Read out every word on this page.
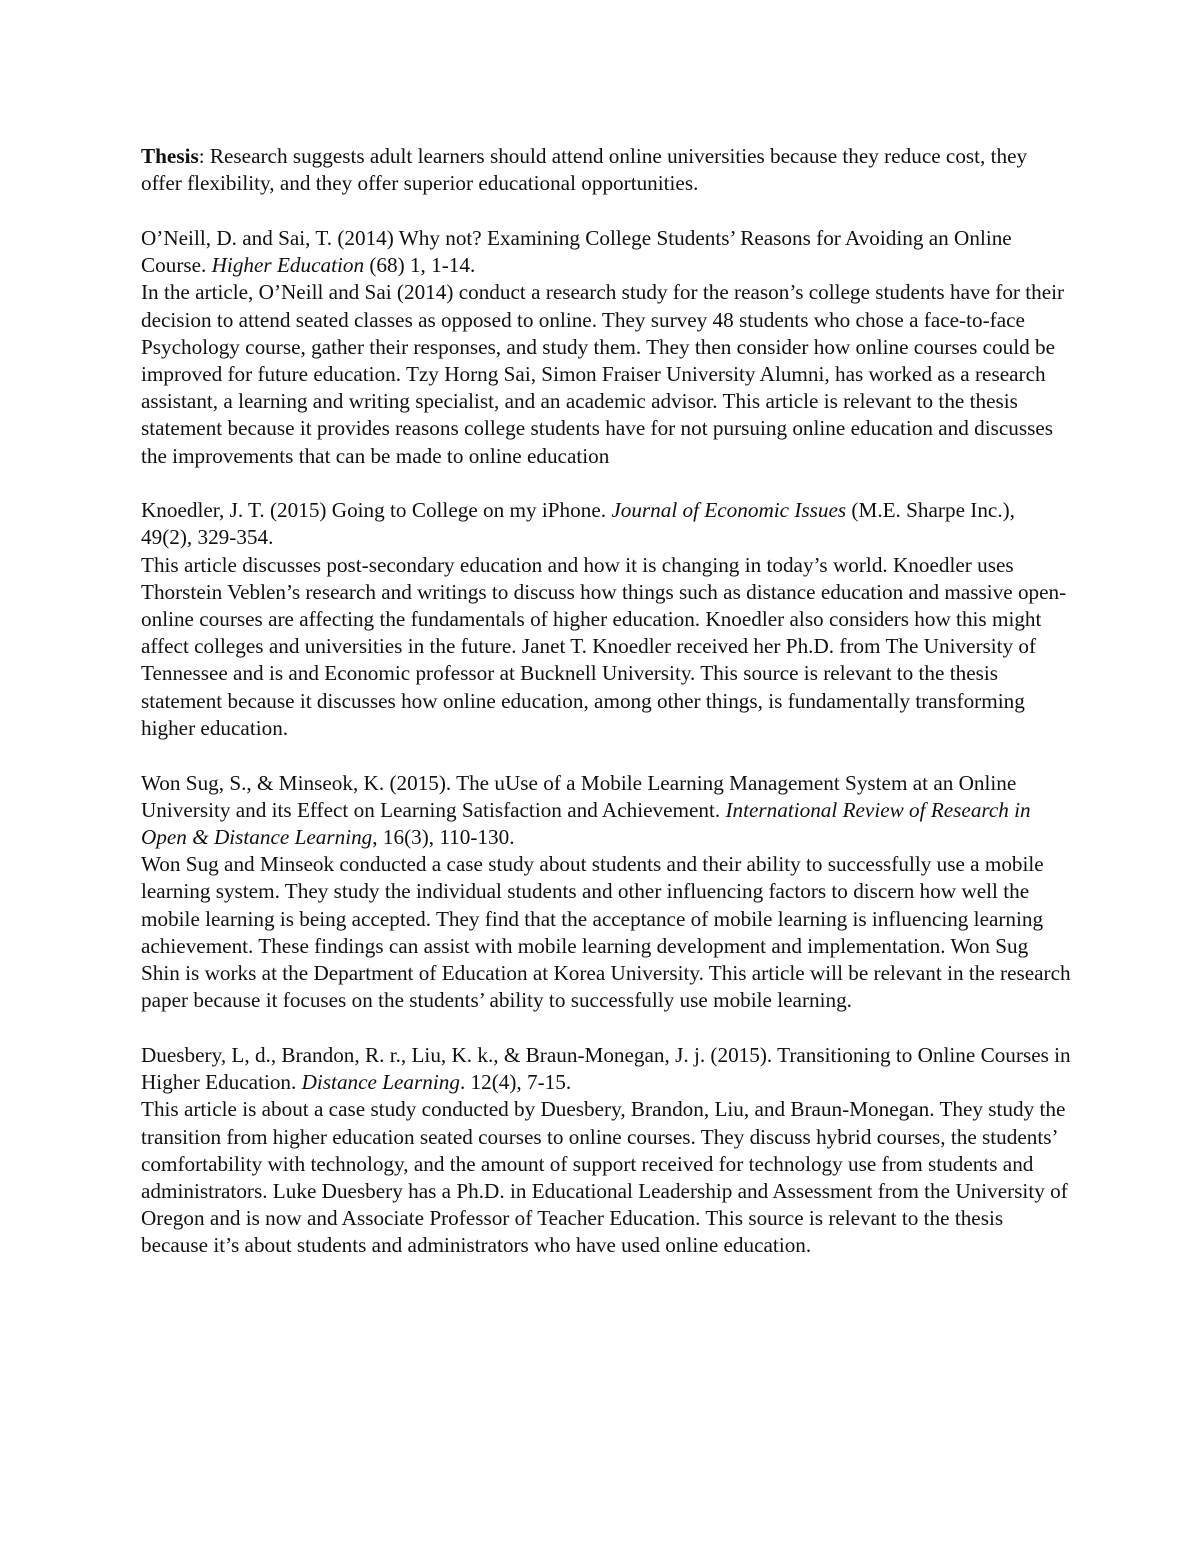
Thesis: Research suggests adult learners should attend online universities because they reduce cost, they offer flexibility, and they offer superior educational opportunities.

O’Neill, D. and Sai, T. (2014) Why not? Examining College Students’ Reasons for Avoiding an Online Course. Higher Education (68) 1, 1-14.

In the article, O’Neill and Sai (2014) conduct a research study for the reason’s college students have for their decision to attend seated classes as opposed to online. They survey 48 students who chose a face-to-face Psychology course, gather their responses, and study them. They then consider how online courses could be improved for future education. Tzy Horng Sai, Simon Fraiser University Alumni, has worked as a research assistant, a learning and writing specialist, and an academic advisor. This article is relevant to the thesis statement because it provides reasons college students have for not pursuing online education and discusses the improvements that can be made to online education

Knoedler, J. T. (2015) Going to College on my iPhone. Journal of Economic Issues (M.E. Sharpe Inc.), 49(2), 329-354.

This article discusses post-secondary education and how it is changing in today’s world. Knoedler uses Thorstein Veblen’s research and writings to discuss how things such as distance education and massive open-online courses are affecting the fundamentals of higher education. Knoedler also considers how this might affect colleges and universities in the future. Janet T. Knoedler received her Ph.D. from The University of Tennessee and is and Economic professor at Bucknell University. This source is relevant to the thesis statement because it discusses how online education, among other things, is fundamentally transforming higher education.

Won Sug, S., & Minseok, K. (2015). The uUse of a Mobile Learning Management System at an Online University and its Effect on Learning Satisfaction and Achievement. International Review of Research in Open & Distance Learning, 16(3), 110-130.

Won Sug and Minseok conducted a case study about students and their ability to successfully use a mobile learning system. They study the individual students and other influencing factors to discern how well the mobile learning is being accepted. They find that the acceptance of mobile learning is influencing learning achievement. These findings can assist with mobile learning development and implementation. Won Sug Shin is works at the Department of Education at Korea University. This article will be relevant in the research paper because it focuses on the students’ ability to successfully use mobile learning.

Duesbery, L, d., Brandon, R. r., Liu, K. k., & Braun-Monegan, J. j. (2015). Transitioning to Online Courses in Higher Education. Distance Learning. 12(4), 7-15.

This article is about a case study conducted by Duesbery, Brandon, Liu, and Braun-Monegan. They study the transition from higher education seated courses to online courses. They discuss hybrid courses, the students’ comfortability with technology, and the amount of support received for technology use from students and administrators. Luke Duesbery has a Ph.D. in Educational Leadership and Assessment from the University of Oregon and is now and Associate Professor of Teacher Education. This source is relevant to the thesis because it’s about students and administrators who have used online education.
